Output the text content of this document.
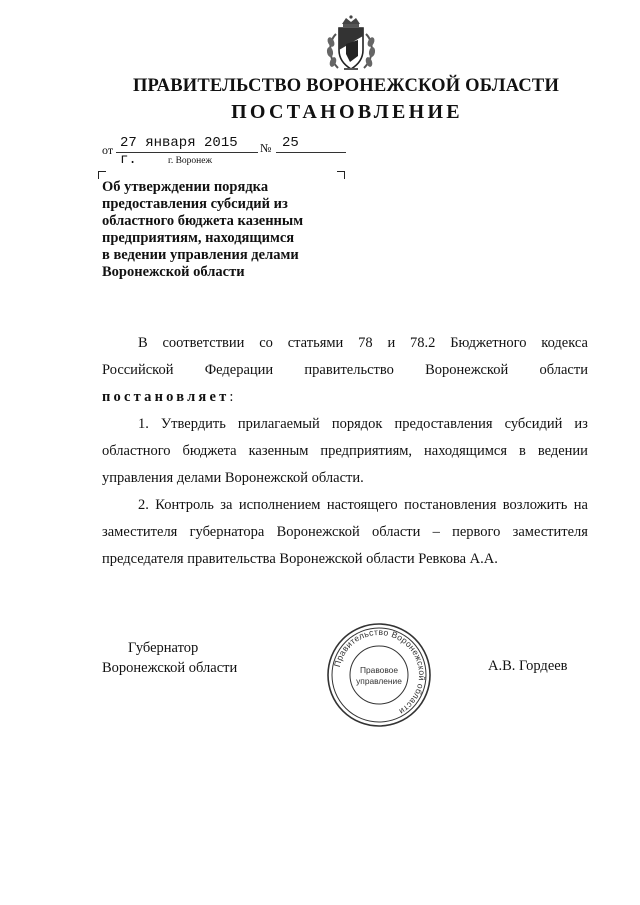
ПРАВИТЕЛЬСТВО ВОРОНЕЖСКОЙ ОБЛАСТИ
ПОСТАНОВЛЕНИЕ
от 27 января 2015 г.
№ 25
г. Воронеж
Об утверждении порядка
предоставления субсидий из
областного бюджета казенным
предприятиям, находящимся
в ведении управления делами
Воронежской области
В соответствии со статьями 78 и 78.2 Бюджетного кодекса
Российской Федерации правительство Воронежской области
постановляет:
1. Утвердить прилагаемый порядок предоставления субсидий из
областного бюджета казенным предприятиям, находящимся в ведении
управления делами Воронежской области.
2. Контроль за исполнением настоящего постановления возложить на
заместителя губернатора Воронежской области – первого заместителя
председателя правительства Воронежской области Ревкова А.А.
Губернатор
Воронежской области	Правительство Воронежской области
Правовое
управление
А.В. Гордеев
